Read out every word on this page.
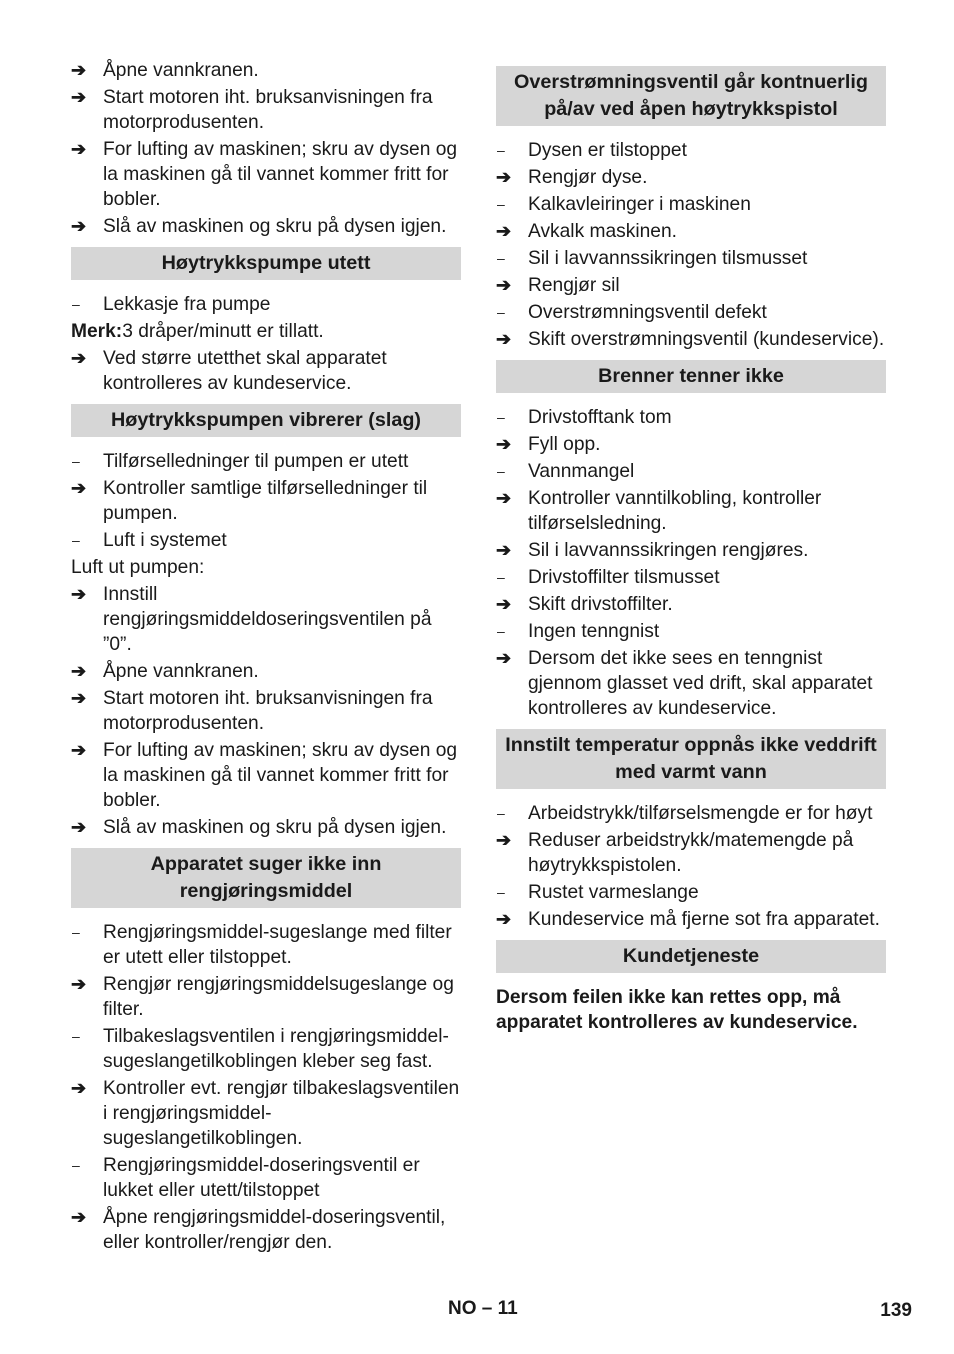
➔ Åpne vannkranen.
➔ Start motoren iht. bruksanvisningen fra motorprodusenten.
➔ For lufting av maskinen; skru av dysen og la maskinen gå til vannet kommer fritt for bobler.
➔ Slå av maskinen og skru på dysen igjen.
Høytrykkspumpe utett
–	Lekkasje fra pumpe
Merk:3 dråper/minutt er tillatt.
➔ Ved større utetthet skal apparatet kontrolleres av kundeservice.
Høytrykkspumpen vibrerer (slag)
–	Tilførselledninger til pumpen er utett
➔ Kontroller samtlige tilførselledninger til pumpen.
–	Luft i systemet
Luft ut pumpen:
➔ Innstill rengjøringsmiddeldoseringsventilen på ”0”.
➔ Åpne vannkranen.
➔ Start motoren iht. bruksanvisningen fra motorprodusenten.
➔ For lufting av maskinen; skru av dysen og la maskinen gå til vannet kommer fritt for bobler.
➔ Slå av maskinen og skru på dysen igjen.
Apparatet suger ikke inn rengjøringsmiddel
–	Rengjøringsmiddel-sugeslange med filter er utett eller tilstoppet.
➔ Rengjør rengjøringsmiddelsugeslange og filter.
–	Tilbakeslagsventilen i rengjøringsmiddel-sugeslangetilkoblingen kleber seg fast.
➔ Kontroller evt. rengjør tilbakeslagsventilen i rengjøringsmiddel-sugeslangetilkoblingen.
–	Rengjøringsmiddel-doseringsventil er lukket eller utett/tilstoppet
➔ Åpne rengjøringsmiddel-doseringsventil, eller kontroller/rengjør den.
Overstrømningsventil går kontnuerlig på/av ved åpen høytrykkspistol
–	Dysen er tilstoppet
➔ Rengjør dyse.
–	Kalkavleiringer i maskinen
➔ Avkalk maskinen.
–	Sil i lavvannssikringen tilsmusset
➔ Rengjør sil
–	Overstrømningsventil defekt
➔ Skift overstrømningsventil (kundeservice).
Brenner tenner ikke
–	Drivstofftank tom
➔ Fyll opp.
–	Vannmangel
➔ Kontroller vanntilkobling, kontroller tilførselsledning.
➔ Sil i lavvannssikringen rengjøres.
–	Drivstoffilter tilsmusset
➔ Skift drivstoffilter.
–	Ingen tenngnist
➔ Dersom det ikke sees en tenngnist gjennom glasset ved drift, skal apparatet kontrolleres av kundeservice.
Innstilt temperatur oppnås ikke veddrift med varmt vann
–	Arbeidstrykk/tilførselsmengde er for høyt
➔ Reduser arbeidstrykk/matemengde på høytrykkspistolen.
–	Rustet varmeslange
➔ Kundeservice må fjerne sot fra apparatet.
Kundetjeneste
Dersom feilen ikke kan rettes opp, må apparatet kontrolleres av kundeservice.
NO – 11	139
